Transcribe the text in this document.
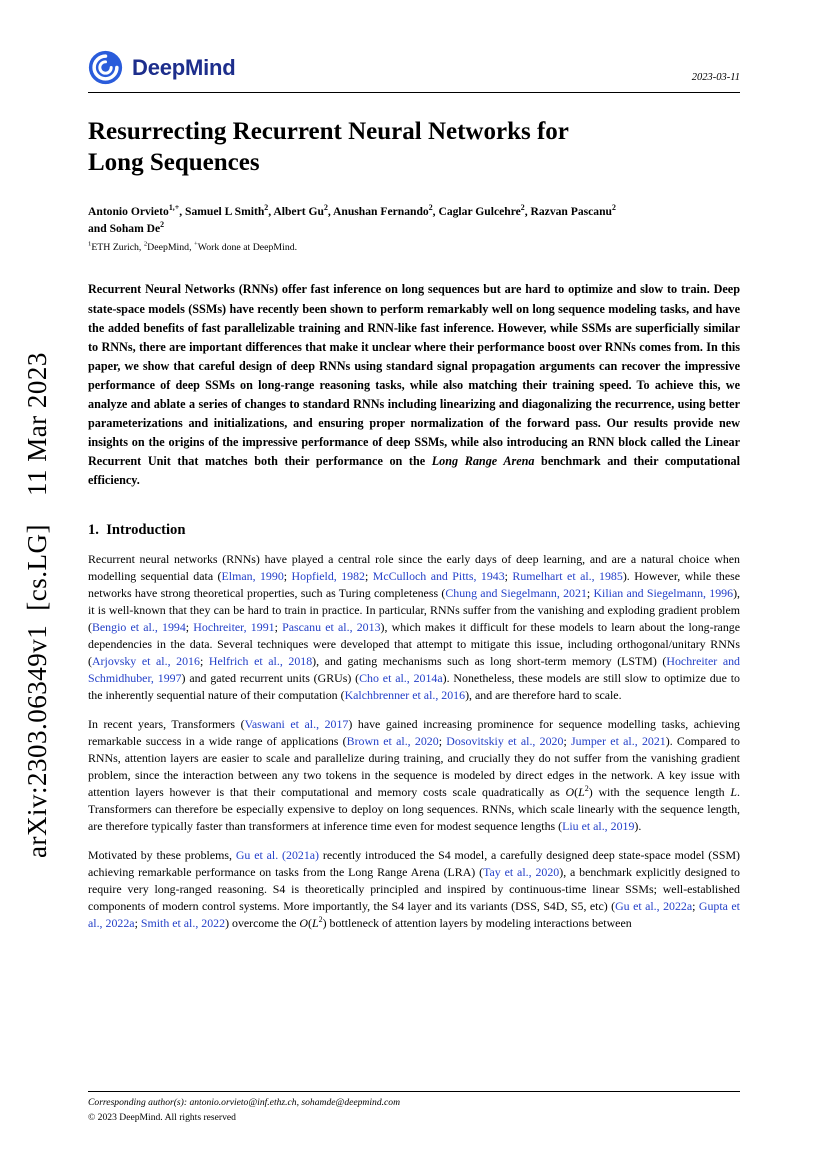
arXiv:2303.06349v1 [cs.LG]  11 Mar 2023
DeepMind	2023-03-11
Resurrecting Recurrent Neural Networks for
Long Sequences

Antonio Orvieto$^{1,+}$, Samuel L Smith$^2$, Albert Gu$^2$, Anushan Fernando$^2$, Caglar Gulcehre$^2$, Razvan Pascanu$^2$

and Soham De$^2$

$^1$ETH Zurich, $^2$DeepMind, +Work done at DeepMind.

Recurrent Neural Networks (RNNs) offer fast inference on long sequences but are hard to optimize and slow to train. Deep state-space models (SSMs) have recently been shown to perform remarkably well on long sequence modeling tasks, and have the added benefits of fast parallelizable training and RNN-like fast inference. However, while SSMs are superficially similar to RNNs, there are important differences that make it unclear where their performance boost over RNNs comes from. In this paper, we show that careful design of deep RNNs using standard signal propagation arguments can recover the impressive performance of deep SSMs on long-range reasoning tasks, while also matching their training speed. To achieve this, we analyze and ablate a series of changes to standard RNNs including linearizing and diagonalizing the recurrence, using better parameterizations and initializations, and ensuring proper normalization of the forward pass. Our results provide new insights on the origins of the impressive performance of deep SSMs, while also introducing an RNN block called the Linear Recurrent Unit that matches both their performance on the Long Range Arena benchmark and their computational efficiency.

1. Introduction

Recurrent neural networks (RNNs) have played a central role since the early days of deep learning, and are a natural choice when modelling sequential data (Elman, 1990; Hopfield, 1982; McCulloch and Pitts, 1943; Rumelhart et al., 1985). However, while these networks have strong theoretical properties, such as Turing completeness (Chung and Siegelmann, 2021; Kilian and Siegelmann, 1996), it is well-known that they can be hard to train in practice. In particular, RNNs suffer from the vanishing and exploding gradient problem (Bengio et al., 1994; Hochreiter, 1991; Pascanu et al., 2013), which makes it difficult for these models to learn about the long-range dependencies in the data. Several techniques were developed that attempt to mitigate this issue, including orthogonal/unitary RNNs (Arjovsky et al., 2016; Helfrich et al., 2018), and gating mechanisms such as long short-term memory (LSTM) (Hochreiter and Schmidhuber, 1997) and gated recurrent units (GRUs) (Cho et al., 2014a). Nonetheless, these models are still slow to optimize due to the inherently sequential nature of their computation (Kalchbrenner et al., 2016), and are therefore hard to scale.

In recent years, Transformers (Vaswani et al., 2017) have gained increasing prominence for sequence modelling tasks, achieving remarkable success in a wide range of applications (Brown et al., 2020; Dosovitskiy et al., 2020; Jumper et al., 2021). Compared to RNNs, attention layers are easier to scale and parallelize during training, and crucially they do not suffer from the vanishing gradient problem, since the interaction between any two tokens in the sequence is modeled by direct edges in the network. A key issue with attention layers however is that their computational and memory costs scale quadratically as $O(L^2)$ with the sequence length L. Transformers can therefore be especially expensive to deploy on long sequences. RNNs, which scale linearly with the sequence length, are therefore typically faster than transformers at inference time even for modest sequence lengths (Liu et al., 2019).

Motivated by these problems, Gu et al. (2021a) recently introduced the S4 model, a carefully designed deep state-space model (SSM) achieving remarkable performance on tasks from the Long Range Arena (LRA) (Tay et al., 2020), a benchmark explicitly designed to require very long-ranged reasoning. S4 is theoretically principled and inspired by continuous-time linear SSMs; well-established components of modern control systems. More importantly, the S4 layer and its variants (DSS, S4D, S5, etc) (Gu et al., 2022a; Gupta et al., 2022a; Smith et al., 2022) overcome the $O(L^2)$ bottleneck of attention layers by modeling interactions between

Corresponding author(s): antonio.orvieto@inf.ethz.ch, sohamde@deepmind.com

© 2023 DeepMind. All rights reserved
